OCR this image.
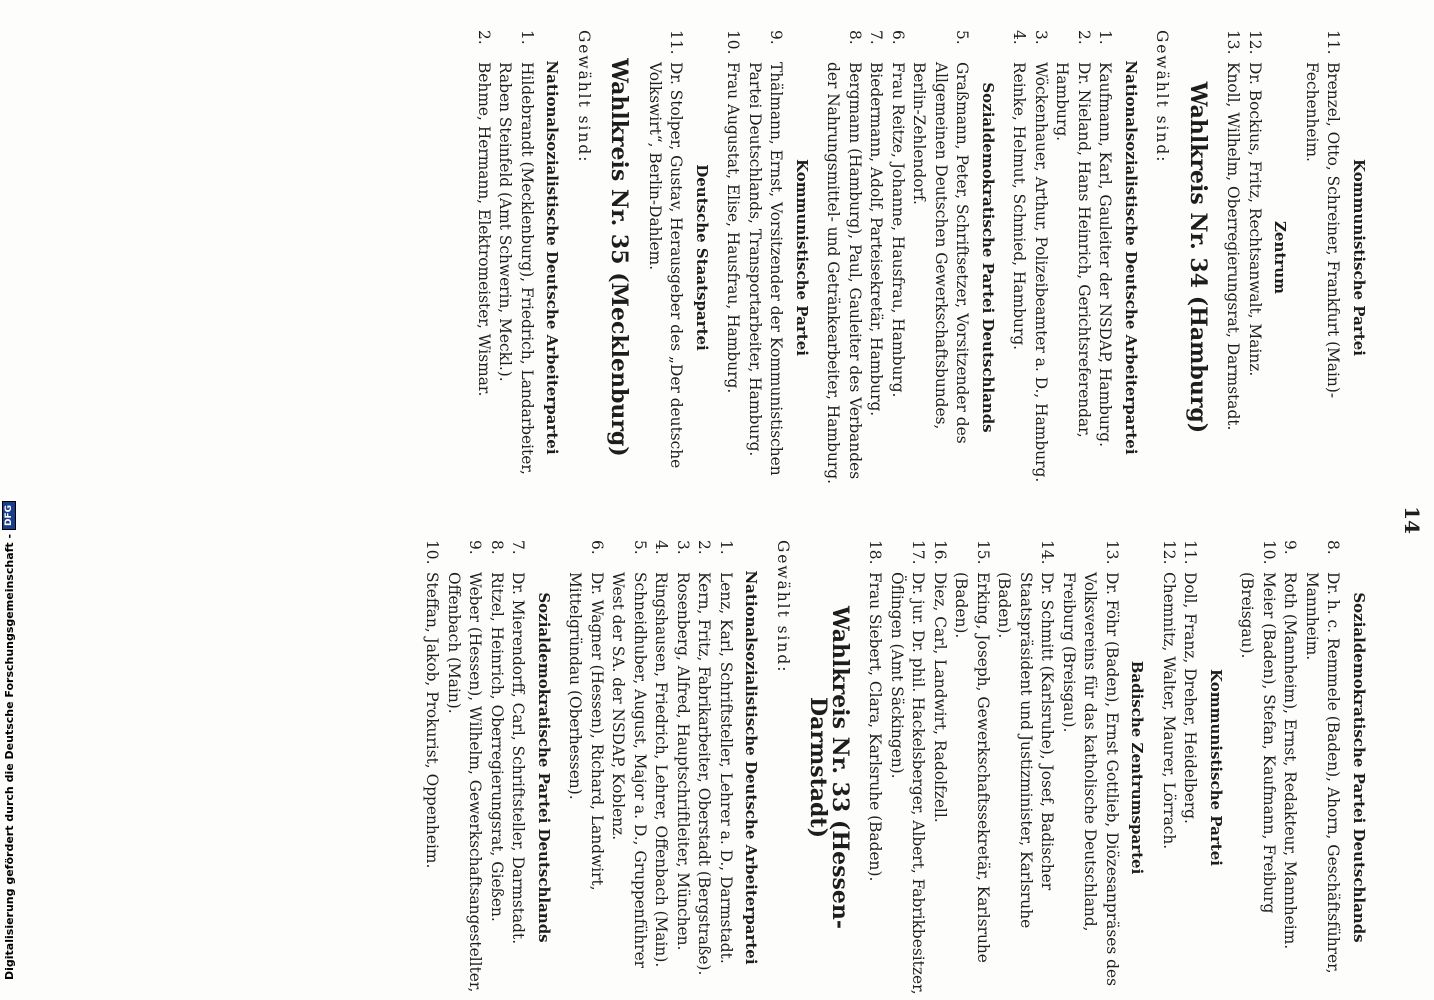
14
Sozialdemokratische Partei Deutschlands
8.
Dr. h. c. Remmele (Baden), Ahorn, Geschäftsführer, Mannheim.
9.
Roth (Mannheim), Ernst, Redakteur, Mannheim.
10.
Meier (Baden), Stefan, Kaufmann, Freiburg (Breisgau).
Kommunistische Partei
11.
Doll, Franz, Dreher, Heidelberg.
12.
Chemnitz, Walter, Maurer, Lörrach.
Badische Zentrumspartei
13.
Dr. Föhr (Baden), Ernst Gottlieb, Diözesanpräses des Volksvereins für das katholische Deutschland, Freiburg (Breisgau).
14.
Dr. Schmitt (Karlsruhe), Josef, Badischer Staatspräsident und Justizminister, Karlsruhe (Baden).
15.
Erking, Joseph, Gewerkschaftssekretär, Karlsruhe (Baden).
16.
Diez, Carl, Landwirt, Radolfzell.
17.
Dr. jur. Dr. phil. Hackelsberger, Albert, Fabrikbesitzer, Öflingen (Amt Säckingen).
18.
Frau Siebert, Clara, Karlsruhe (Baden).
Wahlkreis Nr. 33 (Hessen-Darmstadt)
Gewählt sind:
Nationalsozialistische Deutsche Arbeiterpartei
1.
Lenz, Karl, Schriftsteller, Lehrer a. D., Darmstadt.
2.
Kern, Fritz, Fabrikarbeiter, Oberstadt (Bergstraße).
3.
Rosenberg, Alfred, Hauptschriftleiter, München.
4.
Ringshausen, Friedrich, Lehrer, Offenbach (Main).
5.
Schneidhuber, August, Major a. D., Gruppenführer West der SA. der NSDAP, Koblenz.
6.
Dr. Wagner (Hessen), Richard, Landwirt, Mittelgründau (Oberhessen).
Sozialdemokratische Partei Deutschlands
7.
Dr. Mierendorff, Carl, Schriftsteller, Darmstadt.
8.
Ritzel, Heinrich, Oberregierungsrat, Gießen.
9.
Weber (Hessen), Wilhelm, Gewerkschaftsangestellter, Offenbach (Main).
10.
Steffan, Jakob, Prokurist, Oppenheim.
Kommunistische Partei
11.
Brenzel, Otto, Schreiner, Frankfurt (Main)-Fechenheim.
Zentrum
12.
Dr. Bockius, Fritz, Rechtsanwalt, Mainz.
13.
Knoll, Wilhelm, Oberregierungsrat, Darmstadt.
Wahlkreis Nr. 34 (Hamburg)
Gewählt sind:
Nationalsozialistische Deutsche Arbeiterpartei
1.
Kaufmann, Karl, Gauleiter der NSDAP, Hamburg.
2.
Dr. Nieland, Hans Heinrich, Gerichtsreferendar, Hamburg.
3.
Wöckenhauer, Arthur, Polizeibeamter a. D., Hamburg.
4.
Reinke, Helmut, Schmied, Hamburg.
Sozialdemokratische Partei Deutschlands
5.
Graßmann, Peter, Schriftsetzer, Vorsitzender des Allgemeinen Deutschen Gewerkschaftsbundes, Berlin-Zehlendorf.
6.
Frau Reitze, Johanne, Hausfrau, Hamburg.
7.
Biedermann, Adolf, Parteisekretär, Hamburg.
8.
Bergmann (Hamburg), Paul, Gauleiter des Verbandes der Nahrungsmittel- und Getränkearbeiter, Hamburg.
Kommunistische Partei
9.
Thälmann, Ernst, Vorsitzender der Kommunistischen Partei Deutschlands, Transportarbeiter, Hamburg.
10.
Frau Augustat, Elise, Hausfrau, Hamburg.
Deutsche Staatspartei
11.
Dr. Stolper, Gustav, Herausgeber des „Der deutsche Volkswirt“, Berlin-Dahlem.
Wahlkreis Nr. 35 (Mecklenburg)
Gewählt sind:
Nationalsozialistische Deutsche Arbeiterpartei
1.
Hildebrandt (Mecklenburg), Friedrich, Landarbeiter, Raben Steinfeld (Amt Schwerin, Meckl.).
2.
Behme, Hermann, Elektromeister, Wismar.
Digitalisierung gefördert durch die Deutsche Forschungsgemeinschaft -
DFG
